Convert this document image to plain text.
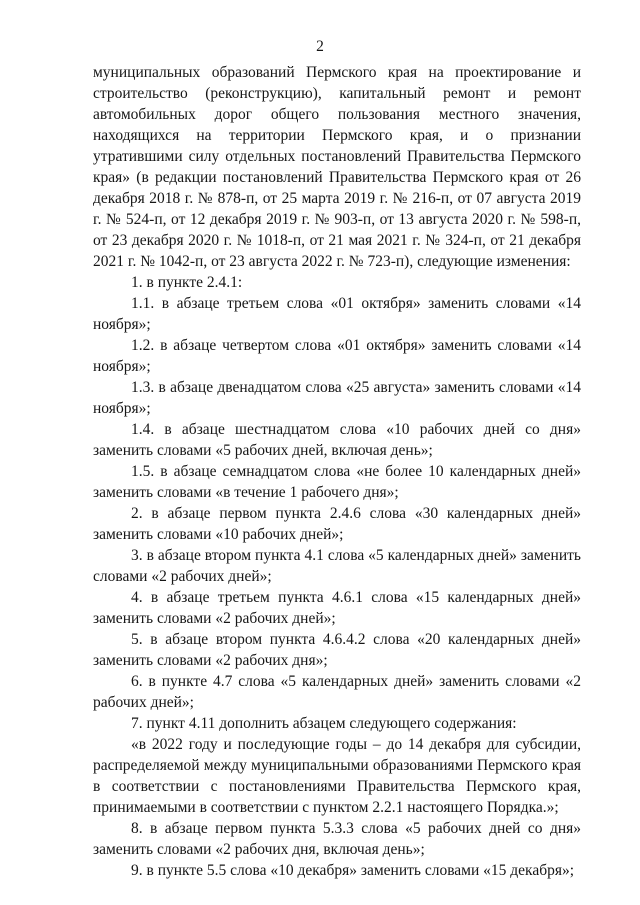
2

муниципальных образований Пермского края на проектирование и строительство (реконструкцию), капитальный ремонт и ремонт автомобильных дорог общего пользования местного значения, находящихся на территории Пермского края, и о признании утратившими силу отдельных постановлений Правительства Пермского края» (в редакции постановлений Правительства Пермского края от 26 декабря 2018 г. № 878-п, от 25 марта 2019 г. № 216-п, от 07 августа 2019 г. № 524-п, от 12 декабря 2019 г. № 903-п, от 13 августа 2020 г. № 598-п, от 23 декабря 2020 г. № 1018-п, от 21 мая 2021 г. № 324-п, от 21 декабря 2021 г. № 1042-п, от 23 августа 2022 г. № 723-п), следующие изменения:

1. в пункте 2.4.1:

1.1. в абзаце третьем слова «01 октября» заменить словами «14 ноября»;

1.2. в абзаце четвертом слова «01 октября» заменить словами «14 ноября»;

1.3. в абзаце двенадцатом слова «25 августа» заменить словами «14 ноября»;

1.4. в абзаце шестнадцатом слова «10 рабочих дней со дня» заменить словами «5 рабочих дней, включая день»;

1.5. в абзаце семнадцатом слова «не более 10 календарных дней» заменить словами «в течение 1 рабочего дня»;

2. в абзаце первом пункта 2.4.6 слова «30 календарных дней» заменить словами «10 рабочих дней»;

3. в абзаце втором пункта 4.1 слова «5 календарных дней» заменить словами «2 рабочих дней»;

4. в абзаце третьем пункта 4.6.1 слова «15 календарных дней» заменить словами «2 рабочих дней»;

5. в абзаце втором пункта 4.6.4.2 слова «20 календарных дней» заменить словами «2 рабочих дня»;

6. в пункте 4.7 слова «5 календарных дней» заменить словами «2 рабочих дней»;

7. пункт 4.11 дополнить абзацем следующего содержания:

«в 2022 году и последующие годы – до 14 декабря для субсидии, распределяемой между муниципальными образованиями Пермского края в соответствии с постановлениями Правительства Пермского края, принимаемыми в соответствии с пунктом 2.2.1 настоящего Порядка.»;

8. в абзаце первом пункта 5.3.3 слова «5 рабочих дней со дня» заменить словами «2 рабочих дня, включая день»;

9. в пункте 5.5 слова «10 декабря» заменить словами «15 декабря»;
